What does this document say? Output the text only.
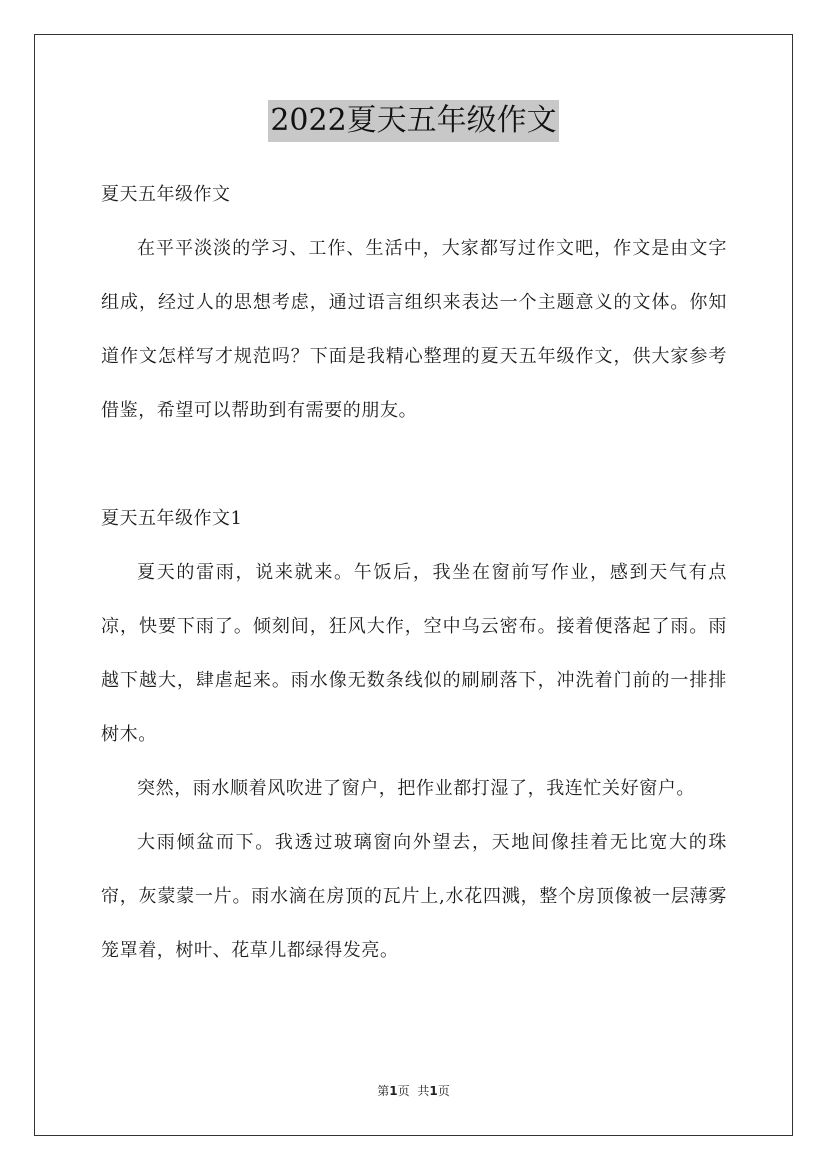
2022夏天五年级作文

夏天五年级作文

在平平淡淡的学习、工作、生活中，大家都写过作文吧，作文是由文字组成，经过人的思想考虑，通过语言组织来表达一个主题意义的文体。你知道作文怎样写才规范吗？下面是我精心整理的夏天五年级作文，供大家参考借鉴，希望可以帮助到有需要的朋友。

夏天五年级作文1

夏天的雷雨，说来就来。午饭后，我坐在窗前写作业，感到天气有点凉，快要下雨了。倾刻间，狂风大作，空中乌云密布。接着便落起了雨。雨越下越大，肆虐起来。雨水像无数条线似的刷刷落下，冲洗着门前的一排排树木。

突然，雨水顺着风吹进了窗户，把作业都打湿了，我连忙关好窗户。

大雨倾盆而下。我透过玻璃窗向外望去，天地间像挂着无比宽大的珠帘，灰蒙蒙一片。雨水滴在房顶的瓦片上,水花四溅，整个房顶像被一层薄雾笼罩着，树叶、花草儿都绿得发亮。

第1页 共1页
